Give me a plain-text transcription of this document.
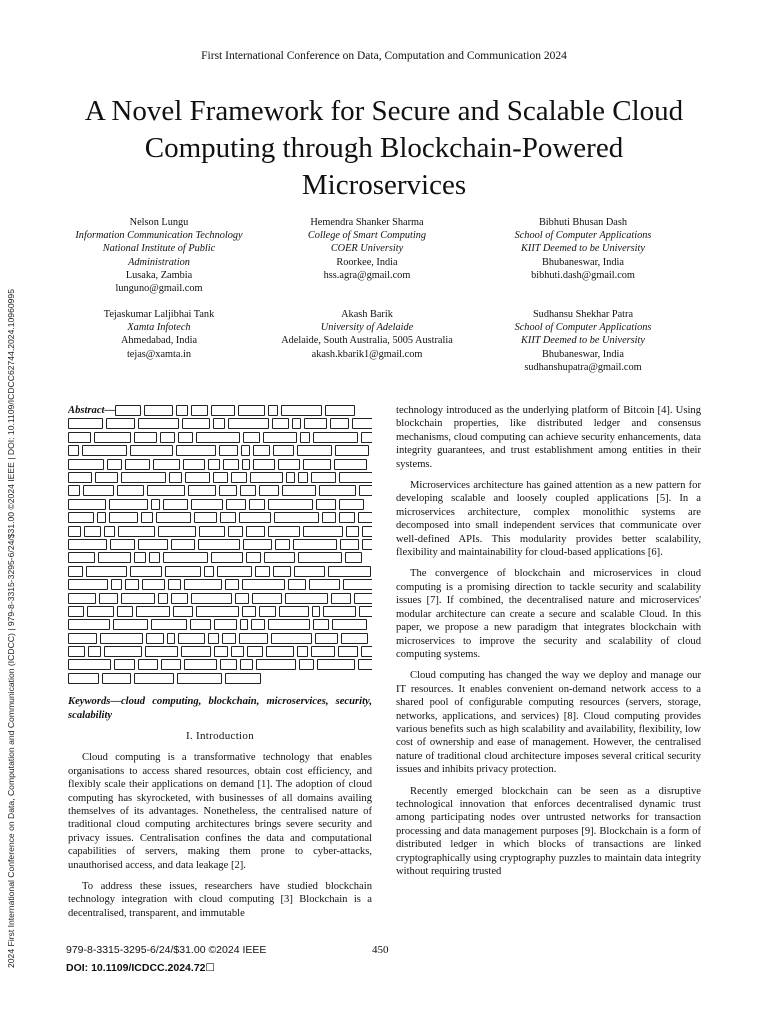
2024 First International Conference on Data, Computation and Communication (ICDCC) | 979-8-3315-3295-6/24/$31.00 ©2024 IEEE | DOI: 10.1109/ICDCC62744.2024.10960995
First International Conference on Data, Computation and Communication 2024
A Novel Framework for Secure and Scalable Cloud
Computing through Blockchain-Powered
Microservices
Nelson Lungu
Information Communication Technology
National Institute of Public
Administration
Lusaka, Zambia
lunguno@gmail.com
Hemendra Shanker Sharma
College of Smart Computing
COER University
Roorkee, India
hss.agra@gmail.com
Bibhuti Bhusan Dash
School of Computer Applications
KIIT Deemed to be University
Bhubaneswar, India
bibhuti.dash@gmail.com
Tejaskumar Laljibhai Tank
Xamta Infotech
Ahmedabad, India
tejas@xamta.in
Akash Barik
University of Adelaide
Adelaide, South Australia, 5005 Australia
akash.kbarik1@gmail.com
Sudhansu Shekhar Patra
School of Computer Applications
KIIT Deemed to be University
Bhubaneswar, India
sudhanshupatra@gmail.com
Abstract—

Keywords—cloud computing, blockchain, microservices, security, scalability

I. Introduction

Cloud computing is a transformative technology that enables organisations to access shared resources, obtain cost efficiency, and flexibly scale their applications on demand [1]. The adoption of cloud computing has skyrocketed, with businesses of all domains availing themselves of its advantages. Nonetheless, the centralised nature of traditional cloud computing architectures brings severe security and privacy issues. Centralisation confines the data and computational capabilities of servers, making them prone to cyber-attacks, unauthorised access, and data leakage [2].

To address these issues, researchers have studied blockchain technology integration with cloud computing [3] Blockchain is a decentralised, transparent, and immutable

technology introduced as the underlying platform of Bitcoin [4]. Using blockchain properties, like distributed ledger and consensus mechanisms, cloud computing can achieve security enhancements, data integrity guarantees, and trust establishment among entities in their systems.

Microservices architecture has gained attention as a new pattern for developing scalable and loosely coupled applications [5]. In a microservices architecture, complex monolithic systems are decomposed into small independent services that communicate over well-defined APIs. This modularity provides better scalability, flexibility and maintainability for cloud-based applications [6].

The convergence of blockchain and microservices in cloud computing is a promising direction to tackle security and scalability issues [7]. If combined, the decentralised nature and microservices' modular architecture can create a secure and scalable Cloud. In this paper, we propose a new paradigm that integrates blockchain with microservices to improve the security and scalability of cloud computing systems.

Cloud computing has changed the way we deploy and manage our IT resources. It enables convenient on-demand network access to a shared pool of configurable computing resources (servers, storage, networks, applications, and services) [8]. Cloud computing provides various benefits such as high scalability and availability, flexibility, low cost of ownership and ease of management. However, the centralised nature of traditional cloud architecture imposes several critical security issues and inhibits privacy protection.

Recently emerged blockchain can be seen as a disruptive technological innovation that enforces decentralised dynamic trust among participating nodes over untrusted networks for transaction processing and data management purposes [9]. Blockchain is a form of distributed ledger in which blocks of transactions are linked cryptographically using cryptography puzzles to maintain data integrity without requiring trusted

979-8-3315-3295-6/24/$31.00 ©2024 IEEE	450
DOI: 10.1109/ICDCC.2024.72☐
